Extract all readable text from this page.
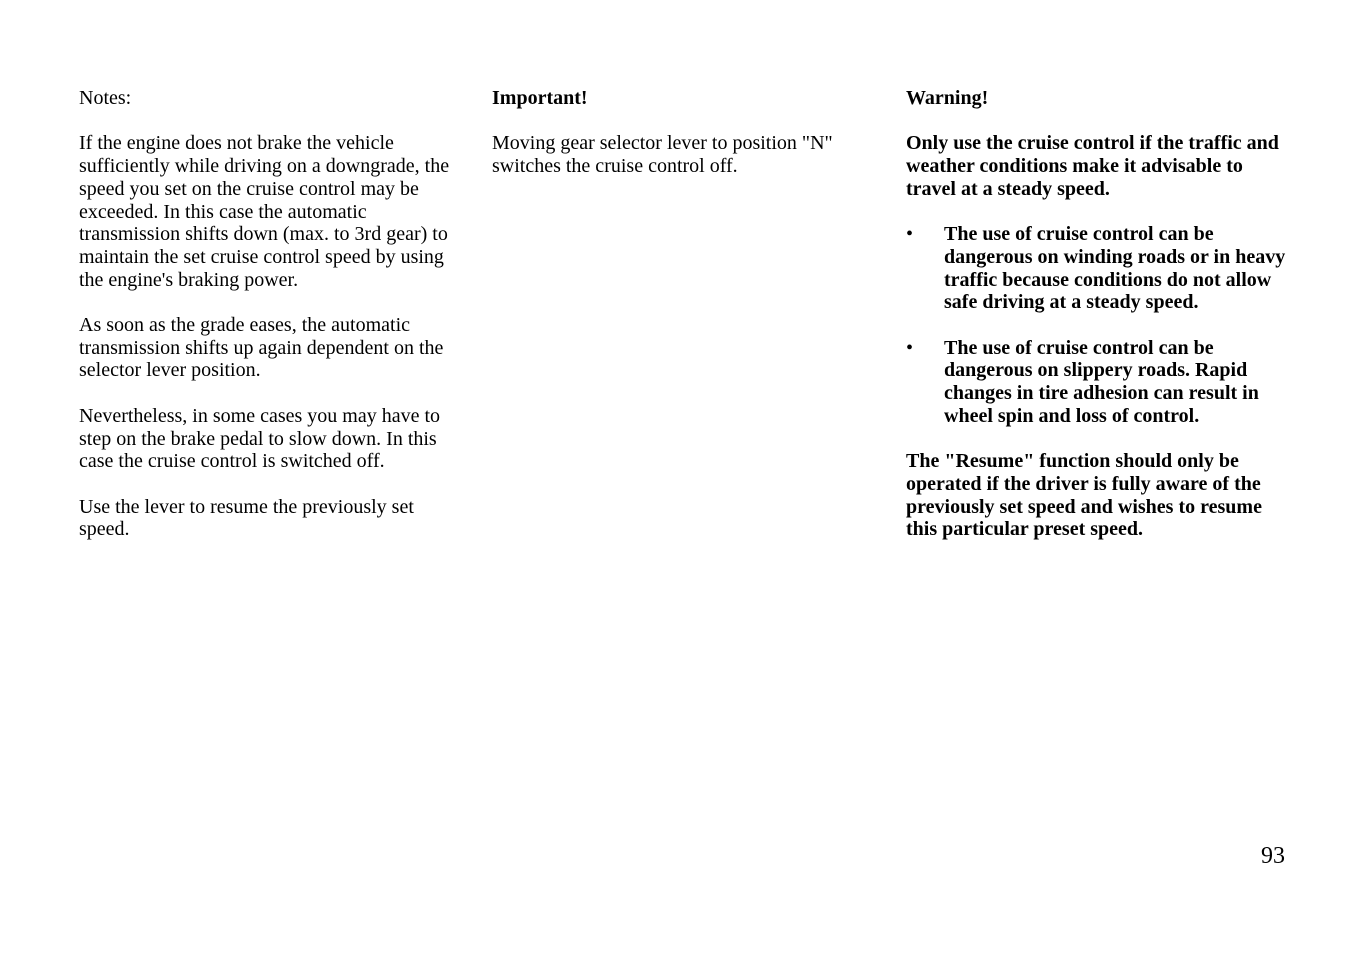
Notes:

If the engine does not brake the vehicle sufficiently while driving on a downgrade, the speed you set on the cruise control may be exceeded. In this case the automatic transmission shifts down (max. to 3rd gear) to maintain the set cruise control speed by using the engine's braking power.

As soon as the grade eases, the automatic transmission shifts up again dependent on the selector lever position.

Nevertheless, in some cases you may have to step on the brake pedal to slow down. In this case the cruise control is switched off.

Use the lever to resume the previously set speed.

Important!

Moving gear selector lever to position "N" switches the cruise control off.

Warning!

Only use the cruise control if the traffic and weather conditions make it advisable to travel at a steady speed.

• The use of cruise control can be dangerous on winding roads or in heavy traffic because conditions do not allow safe driving at a steady speed.
• The use of cruise control can be dangerous on slippery roads. Rapid changes in tire adhesion can result in wheel spin and loss of control.

The "Resume" function should only be operated if the driver is fully aware of the previously set speed and wishes to resume this particular preset speed.

93
